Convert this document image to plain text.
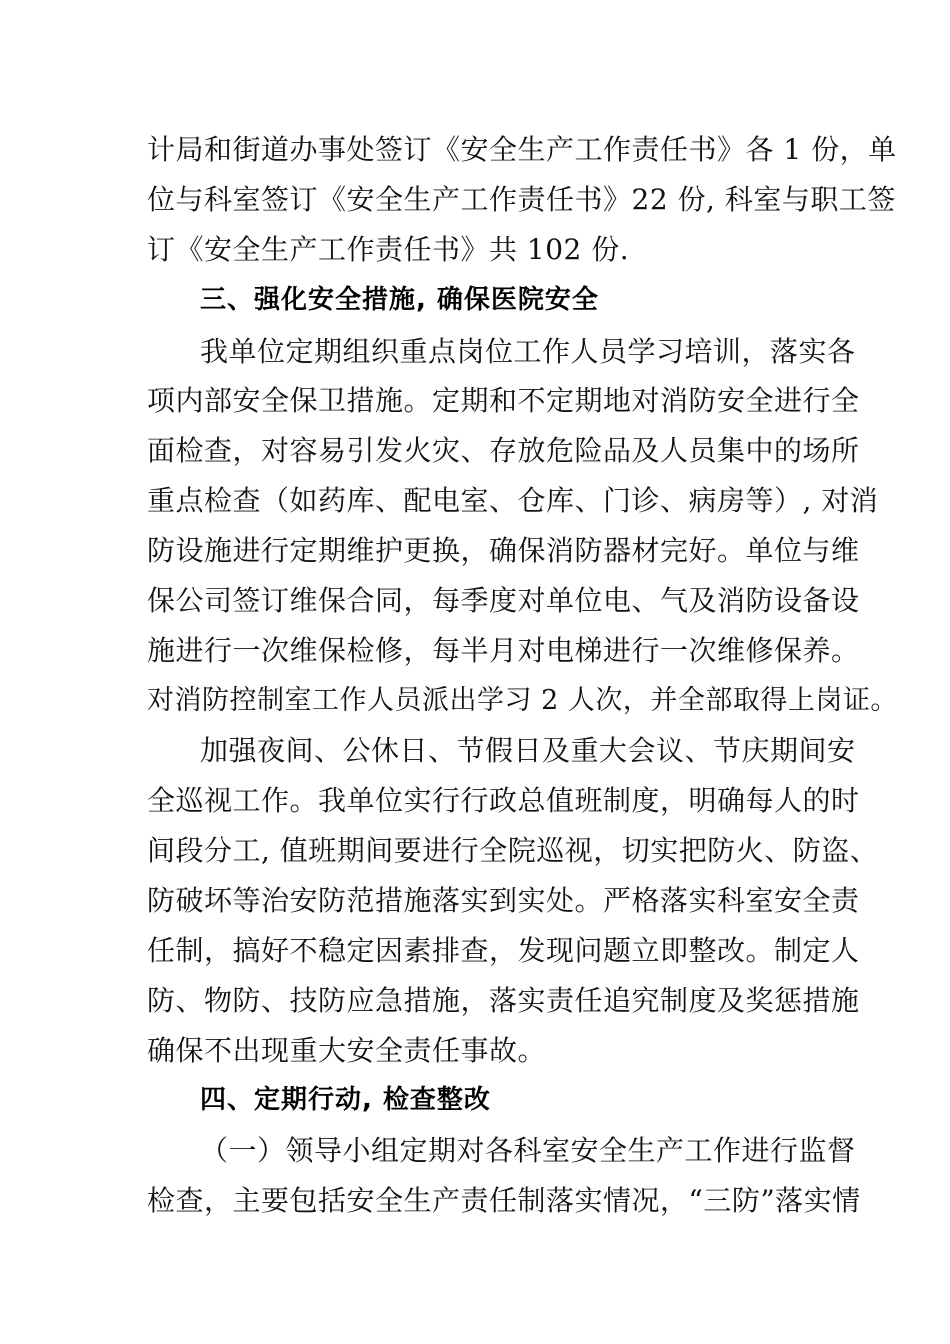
计局和街道办事处签订《安全生产工作责任书》各 1 份，单
位与科室签订《安全生产工作责任书》22 份, 科室与职工签
订《安全生产工作责任书》共 102 份.
三、强化安全措施, 确保医院安全
我单位定期组织重点岗位工作人员学习培训，落实各
项内部安全保卫措施。定期和不定期地对消防安全进行全
面检查，对容易引发火灾、存放危险品及人员集中的场所
重点检查（如药库、配电室、仓库、门诊、病房等）, 对消
防设施进行定期维护更换，确保消防器材完好。单位与维
保公司签订维保合同，每季度对单位电、气及消防设备设
施进行一次维保检修，每半月对电梯进行一次维修保养。
对消防控制室工作人员派出学习 2 人次，并全部取得上岗证。
加强夜间、公休日、节假日及重大会议、节庆期间安
全巡视工作。我单位实行行政总值班制度，明确每人的时
间段分工, 值班期间要进行全院巡视，切实把防火、防盗、
防破坏等治安防范措施落实到实处。严格落实科室安全责
任制，搞好不稳定因素排查，发现问题立即整改。制定人
防、物防、技防应急措施，落实责任追究制度及奖惩措施
确保不出现重大安全责任事故。
四、定期行动, 检查整改
（一）领导小组定期对各科室安全生产工作进行监督
检查，主要包括安全生产责任制落实情况，“三防”落实情
